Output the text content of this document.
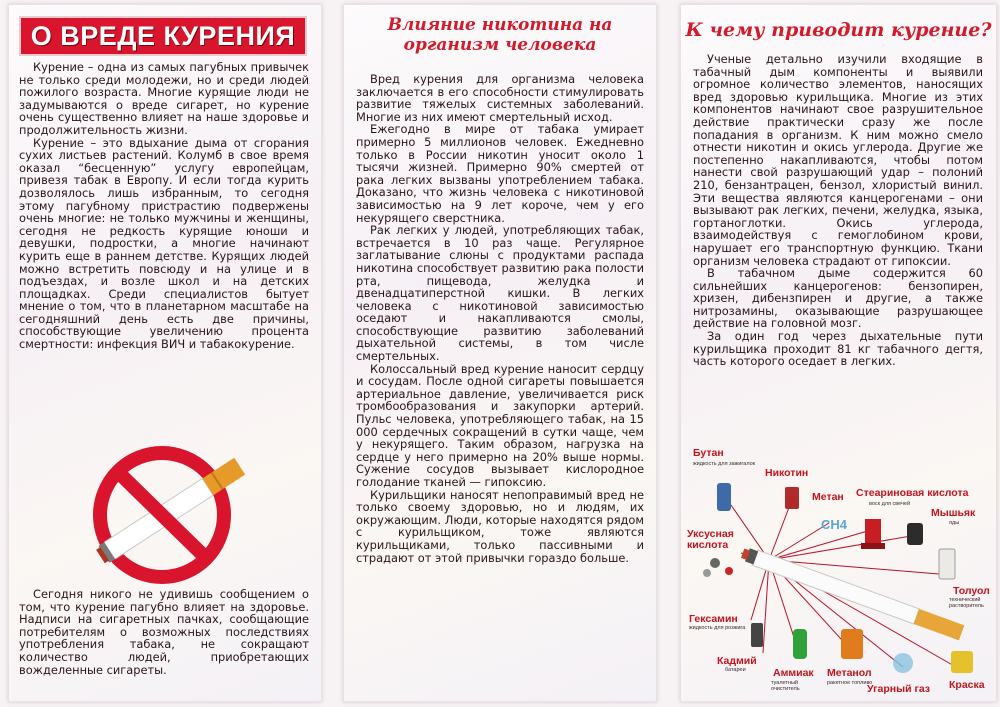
О ВРЕДЕ КУРЕНИЯ

Курение – одна из самых пагубных привычек не только среди молодежи, но и среди людей пожилого возраста. Многие курящие люди не задумываются о вреде сигарет, но курение очень существенно влияет на наше здоровье и продолжительность жизни.

Курение – это вдыхание дыма от сгорания сухих листьев растений. Колумб в свое время оказал “бесценную” услугу европейцам, привезя табак в Европу. И если тогда курить дозволялось лишь избранным, то сегодня этому пагубному пристрастию подвержены очень многие: не только мужчины и женщины, сегодня не редкость курящие юноши и девушки, подростки, а многие начинают курить еще в раннем детстве. Курящих людей можно встретить повсюду и на улице и в подъездах, и возле школ и на детских площадках. Среди специалистов бытует мнение о том, что в планетарном масштабе на сегодняшний день есть две причины, способствующие увеличению процента смертности: инфекция ВИЧ и табакокурение.

Сегодня никого не удивишь сообщением о том, что курение пагубно влияет на здоровье. Надписи на сигаретных пачках, сообщающие потребителям о возможных последствиях употребления табака, не сокращают количество людей, приобретающих вожделенные сигареты.

Влияние никотина на
организм человека

Вред курения для организма человека заключается в его способности стимулировать развитие тяжелых системных заболеваний. Многие из них имеют смертельный исход.

Ежегодно в мире от табака умирает примерно 5 миллионов человек. Ежедневно только в России никотин уносит около 1 тысячи жизней. Примерно 90% смертей от рака легких вызваны употреблением табака. Доказано, что жизнь человека с никотиновой зависимостью на 9 лет короче, чем у его некурящего сверстника.

Рак легких у людей, употребляющих табак, встречается в 10 раз чаще. Регулярное заглатывание слюны с продуктами распада никотина способствует развитию рака полости рта, пищевода, желудка и двенадцатиперстной кишки. В легких человека с никотиновой зависимостью оседают и накапливаются смолы, способствующие развитию заболеваний дыхательной системы, в том числе смертельных.

Колоссальный вред курение наносит сердцу и сосудам. После одной сигареты повышается артериальное давление, увеличивается риск тромбообразования и закупорки артерий. Пульс человека, употребляющего табак, на 15 000 сердечных сокращений в сутки чаще, чем у некурящего. Таким образом, нагрузка на сердце у него примерно на 20% выше нормы. Сужение сосудов вызывает кислородное голодание тканей — гипоксию.

Курильщики наносят непоправимый вред не только своему здоровью, но и людям, их окружающим. Люди, которые находятся рядом с курильщиком, тоже являются курильщиками, только пассивными и страдают от этой привычки гораздо больше.

К чему приводит курение?

Ученые детально изучили входящие в табачный дым компоненты и выявили огромное количество элементов, наносящих вред здоровью курильщика. Многие из этих компонентов начинают свое разрушительное действие практически сразу же после попадания в организм. К ним можно смело отнести никотин и окись углерода. Другие же постепенно накапливаются, чтобы потом нанести свой разрушающий удар – полоний 210, бензантрацен, бензол, хлористый винил. Эти вещества являются канцерогенами – они вызывают рак легких, печени, желудка, языка, гортаноглотки. Окись углерода, взаимодействуя с гемоглобином крови, нарушает его транспортную функцию. Ткани организм человека страдают от гипоксии.

В табачном дыме содержится 60 сильнейших канцерогенов: бензопирен, хризен, дибензпирен и другие, а также нитрозамины, оказывающие разрушающее действие на головной мозг.

За один год через дыхательные пути курильщика проходит 81 кг табачного дегтя, часть которого оседает в легких.

CH4
Бутан
жидкость для зажигалок
Никотин
Метан Стеариновая кислота
воск для свечей
Мышьяк
яды
Уксусная кислота
Толуол
технический растворитель
Гексамин
жидкость для розжига
Кадмий
батареи	Аммиак
туалетный очиститель
Метанол
ракетное топливо
Угарный газ Краска
